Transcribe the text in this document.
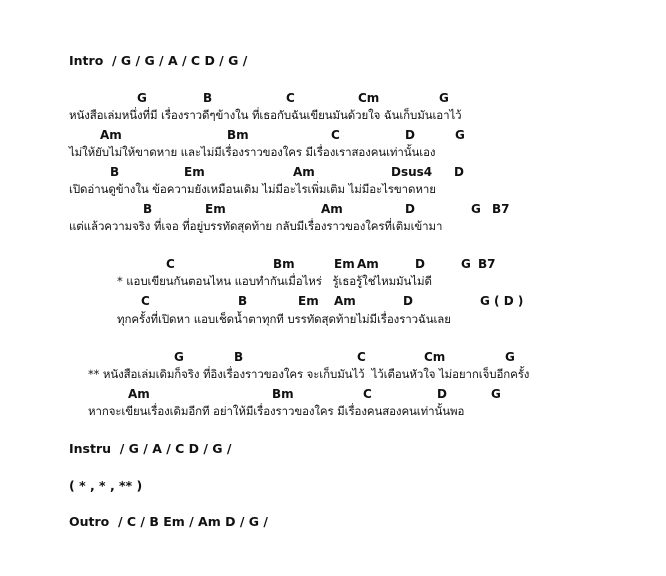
Intro / G / G / A / C D / G /
G	B	C	Cm	G
หนังสือเล่มหนึ่งที่มี เรื่องราวดีๆข้างใน ที่เธอกับฉันเขียนมันด้วยใจ ฉันเก็บมันเอาไว้
Am	Bm	C	D	G
ไม่ให้ยับไม่ให้ขาดหาย และไม่มีเรื่องราวของใคร มีเรื่องเราสองคนเท่านั้นเอง
B	Em	Am	Dsus4 D
เปิดอ่านดูข้างใน ข้อความยังเหมือนเดิม ไม่มีอะไรเพิ่มเติม ไม่มีอะไรขาดหาย
B	Em	Am	D	G B7
แต่แล้วความจริง ที่เจอ ที่อยู่บรรทัดสุดท้าย กลับมีเรื่องราวของใครที่เติมเข้ามา
C	Bm	Em Am	D	G B7
* แอบเขียนกันตอนไหน แอบทำกันเมื่อไหร่   รู้เธอรู้ใช่ไหมมันไม่ดี
C	B	Em Am	D	G ( D )
ทุกครั้งที่เปิดหา แอบเช็ดน้ำตาทุกที บรรทัดสุดท้ายไม่มีเรื่องราวฉันเลย
G	B	C	Cm	G
** หนังสือเล่มเดิมก็จริง ที่อิงเรื่องราวของใคร จะเก็บมันไว้  ไว้เตือนหัวใจ ไม่อยากเจ็บอีกครั้ง
Am	Bm	C	D	G
หากจะเขียนเรื่องเดิมอีกที อย่าให้มีเรื่องราวของใคร มีเรื่องคนสองคนเท่านั้นพอ
Instru / G / A / C D / G /
( * , * , ** )
Outro / C / B Em / Am D / G /
